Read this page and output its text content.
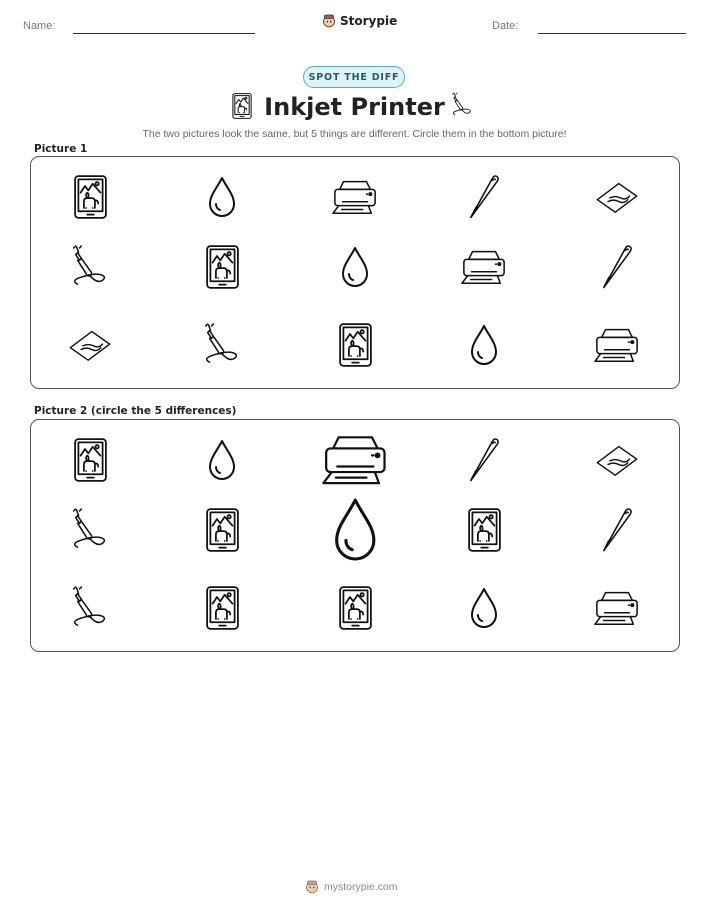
Name:	Date:
Storypie
SPOT THE DIFF
Inkjet Printer
The two pictures look the same, but 5 things are different. Circle them in the bottom picture!
Picture 1
Picture 2 (circle the 5 differences)
mystorypie.com
